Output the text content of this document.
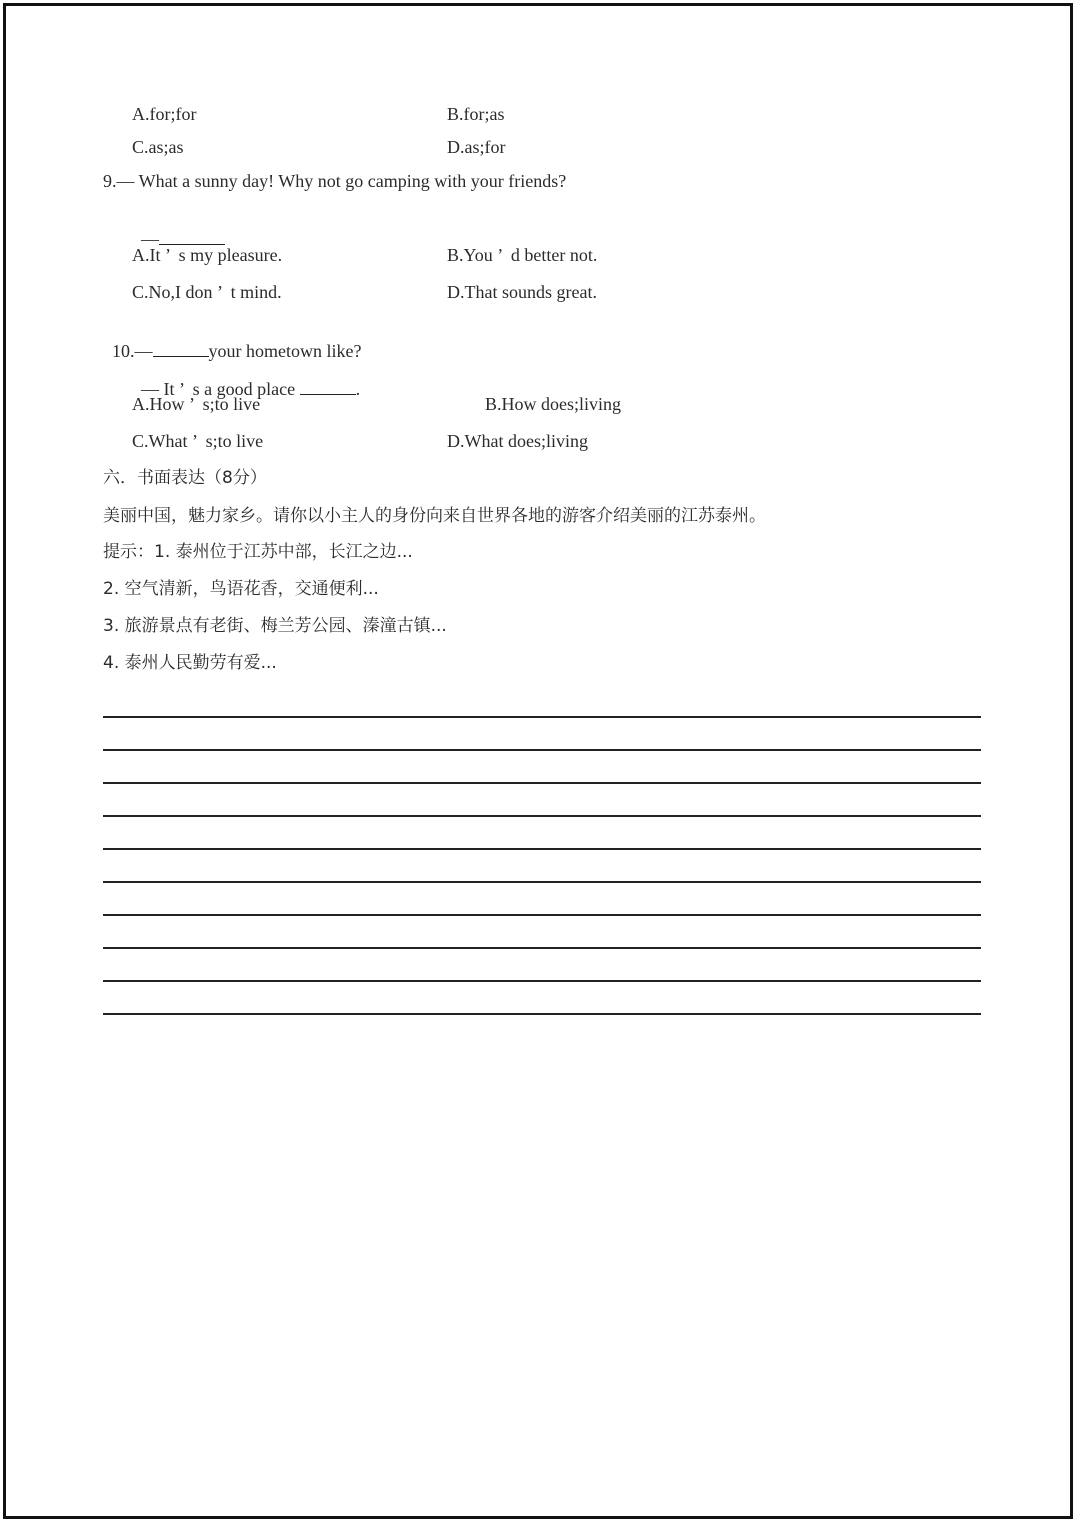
A.for;for	B.for;as
C.as;as	D.as;for
9.— What a sunny day! Why not go camping with your friends?

—

A.It ’  s my pleasure.	B.You ’  d better not.
C.No,I don ’  t mind.	D.That sounds great.

10.—	your hometown like?

— It ’  s a good place	.

A.How ’  s;to live	B.How does;living
C.What ’  s;to live	D.What does;living
六．书面表达（8分）
美丽中国，魅力家乡。请你以小主人的身份向来自世界各地的游客介绍美丽的江苏泰州。
提示：1. 泰州位于江苏中部，长江之边...
2. 空气清新，鸟语花香，交通便利...
3. 旅游景点有老街、梅兰芳公园、溱潼古镇...
4. 泰州人民勤劳有爱...
